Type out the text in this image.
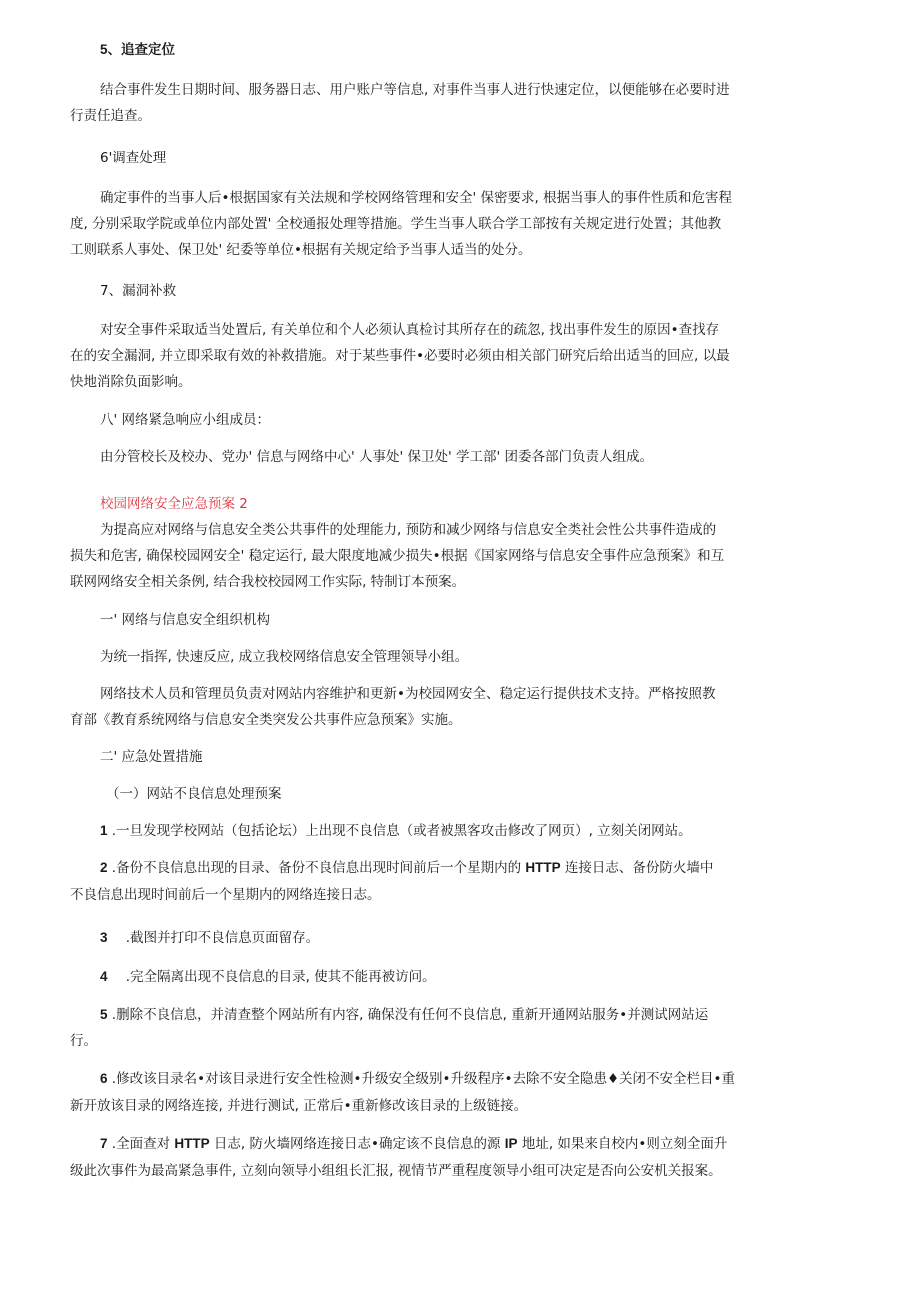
5、追查定位
结合事件发生日期时间、服务器日志、用户账户等信息, 对事件当事人进行快速定位，以便能够在必要时进
行责任追查。
6'调查处理
确定事件的当事人后•根据国家有关法规和学校网络管理和安全' 保密要求, 根据当事人的事件性质和危害程
度, 分别采取学院或单位内部处置' 全校通报处理等措施。学生当事人联合学工部按有关规定进行处置；其他教
工则联系人事处、保卫处' 纪委等单位•根据有关规定给予当事人适当的处分。
7、漏洞补救
对安全事件采取适当处置后, 有关单位和个人必须认真检讨其所存在的疏忽, 找出事件发生的原因•查找存
在的安全漏洞, 并立即采取有效的补救措施。对于某些事件•必要时必须由相关部门研究后给出适当的回应, 以最
快地消除负面影响。
八' 网络紧急响应小组成员：
由分管校长及校办、党办' 信息与网络中心' 人事处' 保卫处' 学工部' 团委各部门负责人组成。
校园网络安全应急预案 2
为提高应对网络与信息安全类公共事件的处理能力, 预防和减少网络与信息安全类社会性公共事件造成的
损失和危害, 确保校园网安全' 稳定运行, 最大限度地减少损失•根据《国家网络与信息安全事件应急预案》和互
联网网络安全相关条例, 结合我校校园网工作实际, 特制订本预案。
一' 网络与信息安全组织机构
为统一指挥, 快速反应, 成立我校网络信息安全管理领导小组。
网络技术人员和管理员负责对网站内容维护和更新•为校园网安全、稳定运行提供技术支持。严格按照教
育部《教育系统网络与信息安全类突发公共事件应急预案》实施。
二' 应急处置措施
（一）网站不良信息处理预案
1 .一旦发现学校网站（包括论坛）上出现不良信息（或者被黑客攻击修改了网页）, 立刻关闭网站。
2 .备份不良信息出现的目录、备份不良信息出现时间前后一个星期内的 HTTP 连接日志、备份防火墙中
不良信息出现时间前后一个星期内的网络连接日志。
3 .截图并打印不良信息页面留存。
4 .完全隔离出现不良信息的目录, 使其不能再被访问。
5 .删除不良信息，并清查整个网站所有内容, 确保没有任何不良信息, 重新开通网站服务•并测试网站运
行。
6 .修改该目录名•对该目录进行安全性检测•升级安全级别•升级程序•去除不安全隐患♦关闭不安全栏目•重
新开放该目录的网络连接, 并进行测试, 正常后•重新修改该目录的上级链接。
7 .全面查对 HTTP 日志, 防火墙网络连接日志•确定该不良信息的源 IP 地址, 如果来自校内•则立刻全面升
级此次事件为最高紧急事件, 立刻向领导小组组长汇报, 视情节严重程度领导小组可决定是否向公安机关报案。
